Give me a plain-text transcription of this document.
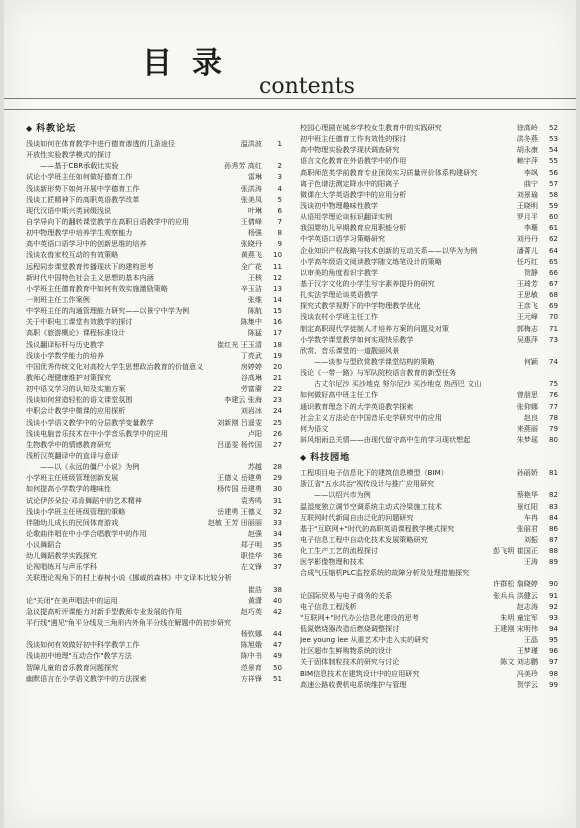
目录
contents
◆ 科教论坛
浅谈如何在体育教学中进行德育渗透的几条途径	温洪波	1
开放性实验教学模式的探讨
——基于CBR承载比实验	孙秀芳 高红	2
试论小学班主任如何做好德育工作	雷琳	3
浅谈新形势下如何开展中学德育工作	张洪涛	4
浅谈工匠精神下的高职英语教学改革	张美凤	5
现代汉语中斯兴类词缀浅说	叶琳	6
自学导向下的翻转课堂教学在高职日语教学中的应用	王倩峰	7
初中物理教学中培养学生观察能力	杨强	8
高中英语口语学习中的创新思维的培养	张晓丹	9
浅谈农兽家校互动的有效策略	黄燕飞	10
远程同步课堂教育传播现状下的建构思考	全广花	11
新时代中国特色社会主义思想的基本内涵	王核	12
小学班主任德育教育中如何有效实施激励策略	辛玉洁	13
一则班主任工作案例	张维	14
中学班主任的沟通管理能力研究——以景宁中学为例	陈航	15
关于中职电工课堂有效教学的探讨	陈集中	16
高职《旅游概论》课程标准设计	陈猛	17
浅议翻译标杆与历史教学	崔红光 王玉清	18
浅谈小学数学能力的培养	丁亮武	19
中国优秀传统文化对高校大学生思想政治教育的价值意义	房婷婷	20
教师心理健康维护对策探究	谷高琳	21
初中语文学习的认知及实施方案	劳富赓	22
浅谈如何营造轻松的语文课堂氛围	李建云 张海	23
中职会计教学中微课的应用探析	刘岩冰	24
浅谈小学语文教学中的分层教学变量教学	刘新刚 吕遥雯	25
浅谈电脑音乐技术在中小学音乐教学中的应用	卢阳	26
生物教学中的情感教育研究	吕遥雯 杨传国	27
浅析汉英翻译中的直译与意译
——以《永远的僵尸小说》为例	苏越	28
小学班主任班级管理创新发展	王德义 岳建勇	29
如何提高小学数学的趣味性	杨传国 岳建勇	30
试论伊莎朵拉·邓肯舞蹈中的艺术精神	袁秀鸣	31
浅谈小学班主任班级管理的策略	岳建勇 王德义	32
伴随幼儿成长的民间体育游戏	赵敏 王芳 田丽丽	33
论歌曲伴唱在中小学合唱教学中的作用	赵强	34
小议舞蹈合	郑子明	35
幼儿舞蹈教学实践探究	职佳华	36
论视唱练耳与声乐学科	左文锋	37
关联理论视角下的村上春树小说《挪威的森林》中文译本比较分析
崔浩	38
论"关闭"在美声唱法中的运用	黄潇	40
急议提高听评课能力对新手型教师专业发展的作用	赵巧英	42
平行线"遇见"角平分线及三角形内外角平分线在解题中的初步研究
杨钦娜	44
浅谈如何有效做好初中科学教学工作	陈旭娥	47
浅谈初中地理"互动合作"教学方法	陈中书	49
智障儿童的音乐教育问题探究	范景育	50
幽默语言在小学语文教学中的方法探索	方祥锋	51
校园心理剧在城乡学校女生教育中的实践研究	徐高岭	52
初中班主任德育工作有效性的探讨	洪冬燕	53
高中物理实验教学现状调查研究	胡永康	54
语言文化教育在外语教学中的作用	赖宇萍	55
高职师范类学前教育专业顶岗实习质量评价体系构建研究	李飒	56
离子色谱法测定降水中的阳离子	曲宁	57
微课在大学英语教学中的应用分析	刘景瑜	58
浅谈初中物理趣味性教学	王晓明	59
从语用学理论谈标识翻译实例	罗月平	60
我国婴幼儿早期教育应用职能分析	李珊	61
中学英语口语学习策略研究	刘丹丹	62
企业知识产权战略与技术创新的互动关系——以华为为例	潘菁儿	64
小学高年级语文阅读教学随文练笔设计的策略	任巧红	65
以审美的角度看识字教学	贺静	66
基于汉字文化的小学生写字素养提升的研究	王琦芳	67
扎实法学理论谈英语教学	王思敏	68
探究式教学视野下的中学物理教学优化	王彦飞	69
浅谈农村小学班主任工作	王元峰	70
制定高职现代学徒制人才培养方案的问题及对策	郭梅志	71
小学数学课堂教学如何实现快乐教学	吴惠萍	73
欣赏、音乐课堂的一道靓丽风景
——谈参与型欣赏教学课堂结构的策略	何颖	74
浅论《一带一路》与军队院校语言教育的新型任务
古丈尔尼沙 买沙地克 努尔尼沙 买沙地克 热西巴 文山	75
如何做好高中班主任工作	曾朋思	76
通识教育理念下的大学英语教学探索	张仰娜	77
社会主义方法论在中国音乐史学研究中的应用	赵良	78
何为语文	来燕丽	79
斜风细雨总关情——由现代留守高中生的学习现状想起	朱梦瑶	80
◆ 科技园地
工程项目电子信息化下的建筑信息模型（BIM）	孙丽娇	81
浙江省"五水共治"视传设计与推广应用研究
——以绍兴市为例	蔡艳华	82
温湿度独立调节空调系统主动式冷梁施工技术	景红阳	83
互联网时代新闻自由泛化的问题研究	车冉	84
基于"互联网+"时代的高职英语课程教学模式探究	张丽君	86
电子信息工程中自动化技术发展策略研究	刘振	87
化工生产工艺的流程探讨	彭飞明 崔国正	88
医学影像物理和技术	王涛	89
合成气压缩机PLC监控系统的故障分析及处理措施探究
许群松 詹晓婷	90
论国际贸易与电子商务的关系	张兵兵 洪健云	91
电子信息工程浅析	赵志涛	92
"互联网+"时代办公信息化建设的思考	朱明 童定军	93
低氮燃烧器改造后燃烧调整探讨	王建刚 宋明伟	94
Jee young lee 从重艺术中走入实的研究	王晶	95
社区超市生鲜购物系统的设计	王梦瑾	96
关于固体制粒技术的研究与讨论	陈文 刘志鹏	97
BIM信息技术在建筑设计中的应用研究	冯美玲	98
高速公路收费机电系统维护与管理	贺学云	99
